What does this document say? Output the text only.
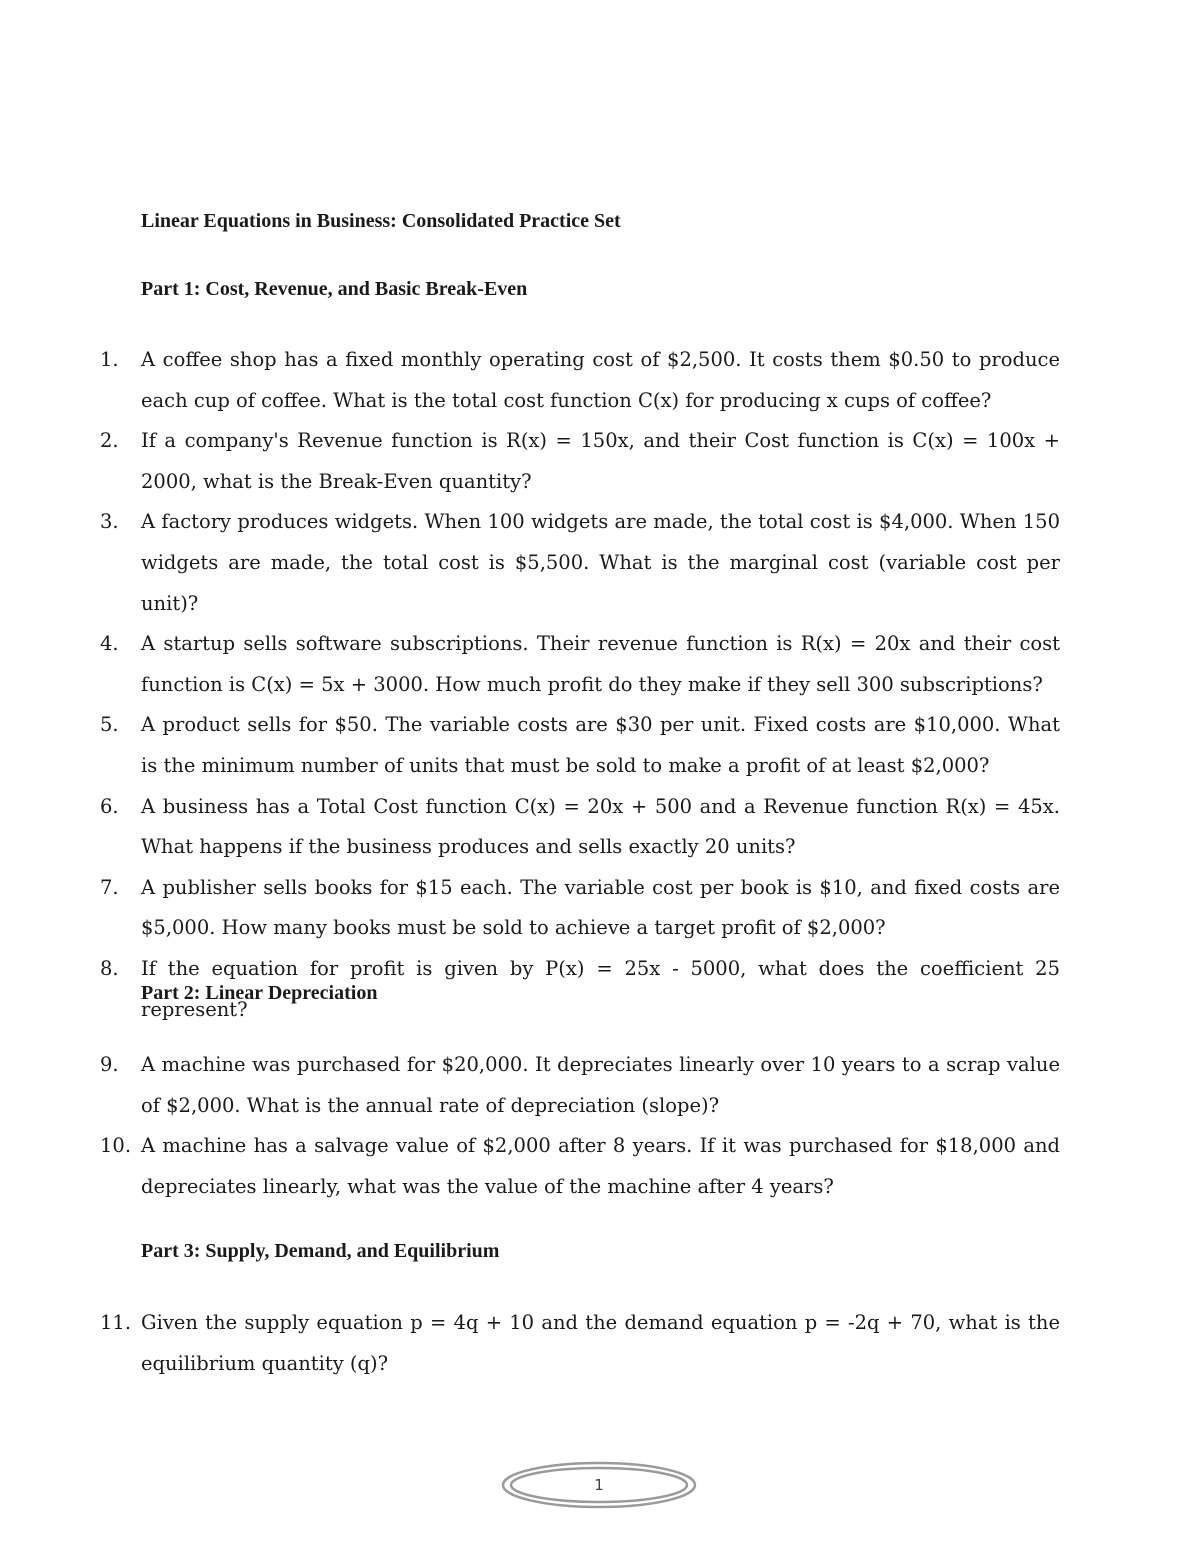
Linear Equations in Business: Consolidated Practice Set
Part 1: Cost, Revenue, and Basic Break-Even
1.	A coffee shop has a fixed monthly operating cost of $2,500. It costs them $0.50 to produce each cup of coffee. What is the total cost function C(x) for producing x cups of coffee?
2.	If a company's Revenue function is R(x) = 150x, and their Cost function is C(x) = 100x + 2000, what is the Break-Even quantity?
3.	A factory produces widgets. When 100 widgets are made, the total cost is $4,000. When 150 widgets are made, the total cost is $5,500. What is the marginal cost (variable cost per unit)?
4.	A startup sells software subscriptions. Their revenue function is R(x) = 20x and their cost function is C(x) = 5x + 3000. How much profit do they make if they sell 300 subscriptions?
5.	A product sells for $50. The variable costs are $30 per unit. Fixed costs are $10,000. What is the minimum number of units that must be sold to make a profit of at least $2,000?
6.	A business has a Total Cost function C(x) = 20x + 500 and a Revenue function R(x) = 45x. What happens if the business produces and sells exactly 20 units?
7.	A publisher sells books for $15 each. The variable cost per book is $10, and fixed costs are $5,000. How many books must be sold to achieve a target profit of $2,000?
8.	If the equation for profit is given by P(x) = 25x - 5000, what does the coefficient 25 represent?
Part 2: Linear Depreciation
9.	A machine was purchased for $20,000. It depreciates linearly over 10 years to a scrap value of $2,000. What is the annual rate of depreciation (slope)?
10. A machine has a salvage value of $2,000 after 8 years. If it was purchased for $18,000 and depreciates linearly, what was the value of the machine after 4 years?
Part 3: Supply, Demand, and Equilibrium
11. Given the supply equation p = 4q + 10 and the demand equation p = -2q + 70, what is the equilibrium quantity (q)?
1
